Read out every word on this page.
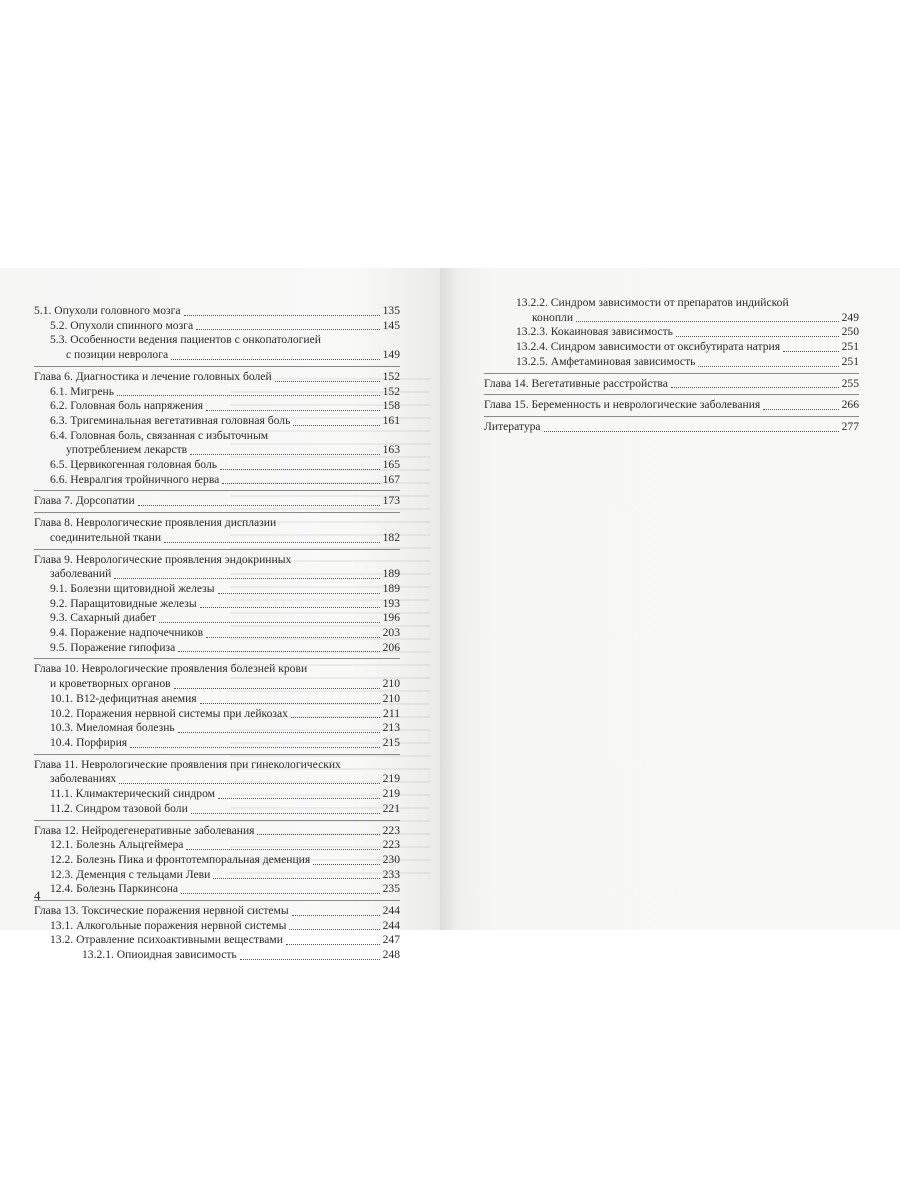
5.1. Опухоли головного мозга	135
5.2. Опухоли спинного мозга	145
5.3. Особенности ведения пациентов с онкопатологией
с позиции невролога	149
Глава 6. Диагностика и лечение головных болей	152
6.1. Мигрень	152
6.2. Головная боль напряжения	158
6.3. Тригеминальная вегетативная головная боль	161
6.4. Головная боль, связанная с избыточным
употреблением лекарств	163
6.5. Цервикогенная головная боль	165
6.6. Невралгия тройничного нерва	167
Глава 7. Дорсопатии	173
Глава 8. Неврологические проявления дисплазии
соединительной ткани	182
Глава 9. Неврологические проявления эндокринных
заболеваний	189
9.1. Болезни щитовидной железы	189
9.2. Паращитовидные железы	193
9.3. Сахарный диабет	196
9.4. Поражение надпочечников	203
9.5. Поражение гипофиза	206
Глава 10. Неврологические проявления болезней крови
и кроветворных органов	210
10.1. B12-дефицитная анемия	210
10.2. Поражения нервной системы при лейкозах	211
10.3. Миеломная болезнь	213
10.4. Порфирия	215
Глава 11. Неврологические проявления при гинекологических
заболеваниях	219
11.1. Климактерический синдром	219
11.2. Синдром тазовой боли	221
Глава 12. Нейродегенеративные заболевания	223
12.1. Болезнь Альцгеймера	223
12.2. Болезнь Пика и фронтотемпоральная деменция	230
12.3. Деменция с тельцами Леви	233
12.4. Болезнь Паркинсона	235
Глава 13. Токсические поражения нервной системы	244
13.1. Алкогольные поражения нервной системы	244
13.2. Отравление психоактивными веществами	247
13.2.1. Опиоидная зависимость	248
4
13.2.2. Синдром зависимости от препаратов индийской
конопли	249
13.2.3. Кокаиновая зависимость	250
13.2.4. Синдром зависимости от оксибутирата натрия	251
13.2.5. Амфетаминовая зависимость	251
Глава 14. Вегетативные расстройства	255
Глава 15. Беременность и неврологические заболевания	266
Литература	277
